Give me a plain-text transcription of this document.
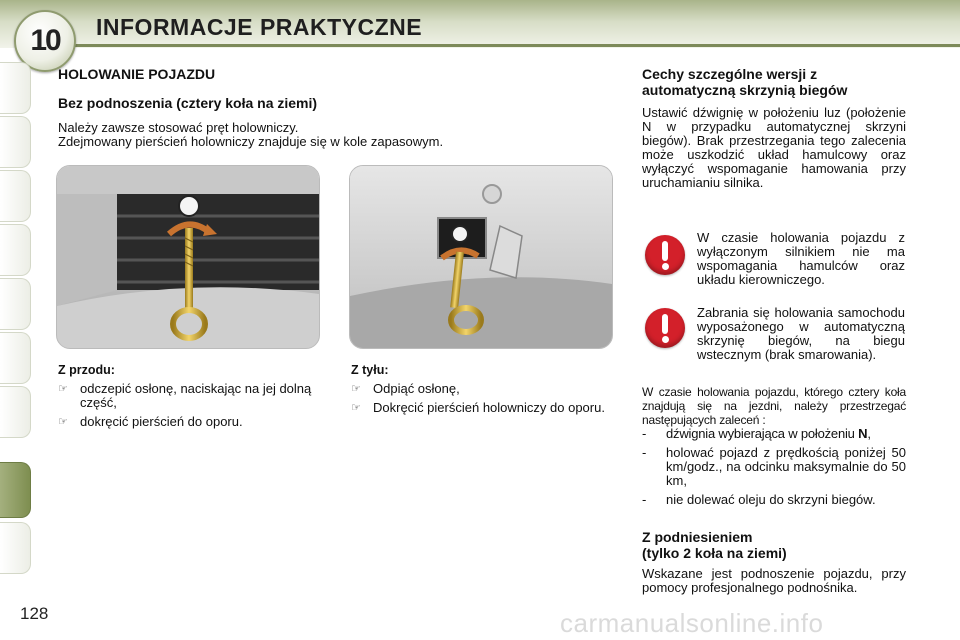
10 INFORMACJE PRAKTYCZNE
128
HOLOWANIE POJAZDU
Bez podnoszenia (cztery koła na ziemi)
Należy zawsze stosować pręt holowniczy.
Zdejmowany pierścień holowniczy znajduje się w kole zapasowym.
Z przodu:
☞ odczepić osłonę, naciskając na jej dolną część,
☞ dokręcić pierścień do oporu.
Z tyłu:
☞ Odpiąć osłonę,
☞ Dokręcić pierścień holowniczy do oporu.
Cechy szczególne wersji z automatyczną skrzynią biegów
Ustawić dźwignię w położeniu luz (położenie N w przypadku automatycznej skrzyni biegów). Brak przestrzegania tego zalecenia może uszkodzić układ hamulcowy oraz wyłączyć wspomaganie hamowania przy uruchamianiu silnika.
W czasie holowania pojazdu z wyłączonym silnikiem nie ma wspomagania hamulców oraz układu kierowniczego.
Zabrania się holowania samochodu wyposażonego w automatyczną skrzynię biegów, na biegu wstecznym (brak smarowania).
W czasie holowania pojazdu, którego cztery koła znajdują się na jezdni, należy przestrzegać następujących zaleceń :
- dźwignia wybierająca w położeniu N,
- holować pojazd z prędkością poniżej 50 km/godz., na odcinku maksymalnie do 50 km,
- nie dolewać oleju do skrzyni biegów.
Z podniesieniem
(tylko 2 koła na ziemi)
Wskazane jest podnoszenie pojazdu, przy pomocy profesjonalnego podnośnika.
carmanualsonline.info
